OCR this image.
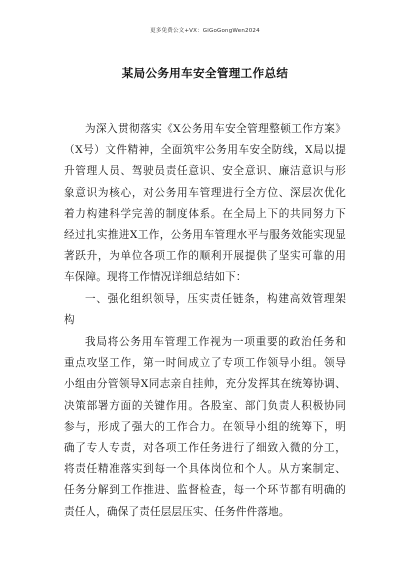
更多免费公文+VX：GiGoGongWen2024
某局公务用车安全管理工作总结
为深入贯彻落实《X公务用车安全管理整顿工作方案》
（X号）文件精神，全面筑牢公务用车安全防线，X局以提
升管理人员、驾驶员责任意识、安全意识、廉洁意识与形
象意识为核心，对公务用车管理进行全方位、深层次优化
着力构建科学完善的制度体系。在全局上下的共同努力下
经过扎实推进X工作，公务用车管理水平与服务效能实现显
著跃升，为单位各项工作的顺利开展提供了坚实可靠的用
车保障。现将工作情况详细总结如下：
一、强化组织领导，压实责任链条，构建高效管理架
构
我局将公务用车管理工作视为一项重要的政治任务和
重点攻坚工作，第一时间成立了专项工作领导小组。领导
小组由分管领导X同志亲自挂帅，充分发挥其在统筹协调、
决策部署方面的关键作用。各股室、部门负责人积极协同
参与，形成了强大的工作合力。在领导小组的统筹下，明
确了专人专责，对各项工作任务进行了细致入微的分工，
将责任精准落实到每一个具体岗位和个人。从方案制定、
任务分解到工作推进、监督检查，每一个环节都有明确的
责任人，确保了责任层层压实、任务件件落地。
